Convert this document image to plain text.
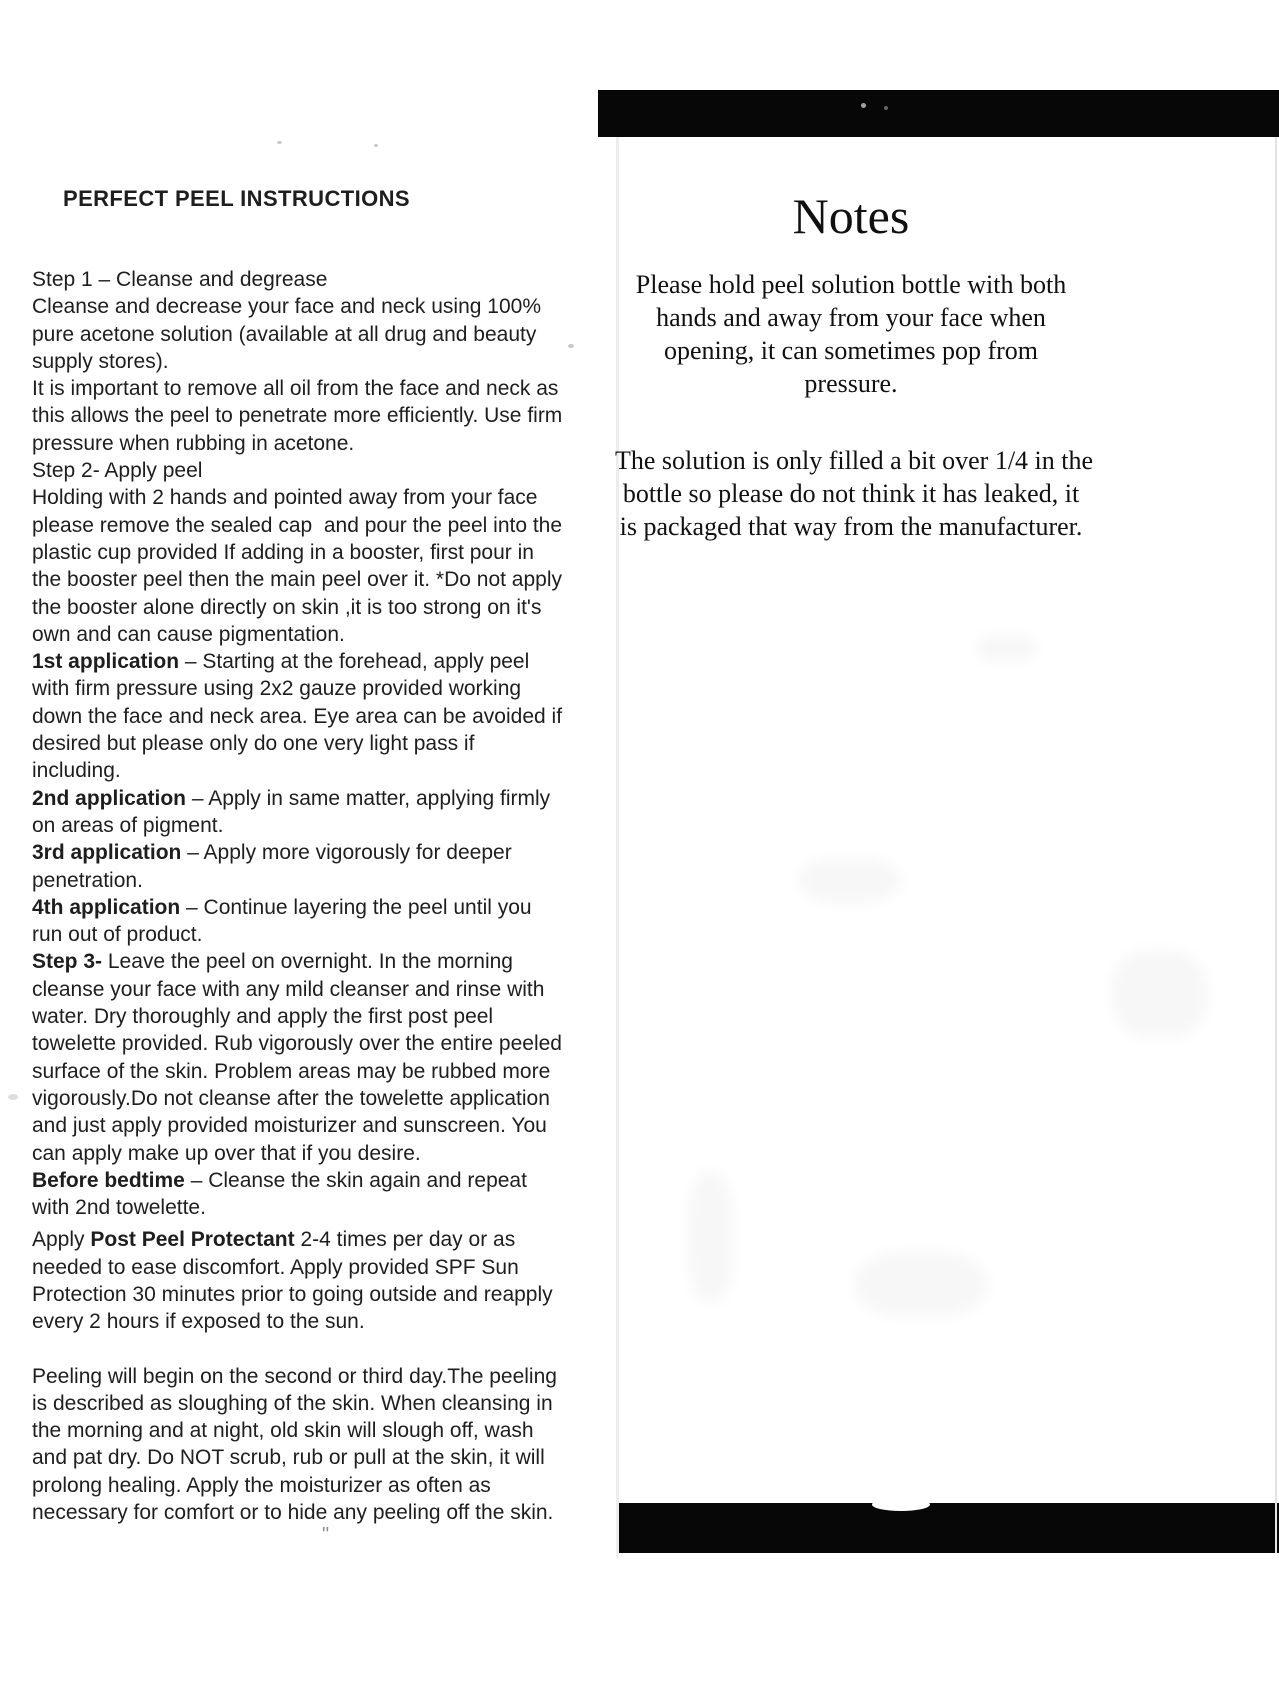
PERFECT PEEL INSTRUCTIONS
Step 1 – Cleanse and degrease
Cleanse and decrease your face and neck using 100%
pure acetone solution (available at all drug and beauty
supply stores).
It is important to remove all oil from the face and neck as
this allows the peel to penetrate more efficiently. Use firm
pressure when rubbing in acetone.
Step 2- Apply peel
Holding with 2 hands and pointed away from your face
please remove the sealed cap  and pour the peel into the
plastic cup provided If adding in a booster, first pour in
the booster peel then the main peel over it. *Do not apply
the booster alone directly on skin ,it is too strong on it's
own and can cause pigmentation.
1st application – Starting at the forehead, apply peel
with firm pressure using 2x2 gauze provided working
down the face and neck area. Eye area can be avoided if
desired but please only do one very light pass if
including.
2nd application – Apply in same matter, applying firmly
on areas of pigment.
3rd application – Apply more vigorously for deeper
penetration.
4th application – Continue layering the peel until you
run out of product.
Step 3- Leave the peel on overnight. In the morning
cleanse your face with any mild cleanser and rinse with
water. Dry thoroughly and apply the first post peel
towelette provided. Rub vigorously over the entire peeled
surface of the skin. Problem areas may be rubbed more
vigorously.Do not cleanse after the towelette application
and just apply provided moisturizer and sunscreen. You
can apply make up over that if you desire.
Before bedtime – Cleanse the skin again and repeat
with 2nd towelette.
Apply Post Peel Protectant 2-4 times per day or as
needed to ease discomfort. Apply provided SPF Sun
Protection 30 minutes prior to going outside and reapply
every 2 hours if exposed to the sun.
Peeling will begin on the second or third day.The peeling
is described as sloughing of the skin. When cleansing in
the morning and at night, old skin will slough off, wash
and pat dry. Do NOT scrub, rub or pull at the skin, it will
prolong healing. Apply the moisturizer as often as
necessary for comfort or to hide any peeling off the skin.
Notes
Please hold peel solution bottle with both
hands and away from your face when
opening, it can sometimes pop from
pressure.
The solution is only filled a bit over 1/4 in the
bottle so please do not think it has leaked, it
is packaged that way from the manufacturer.
"
